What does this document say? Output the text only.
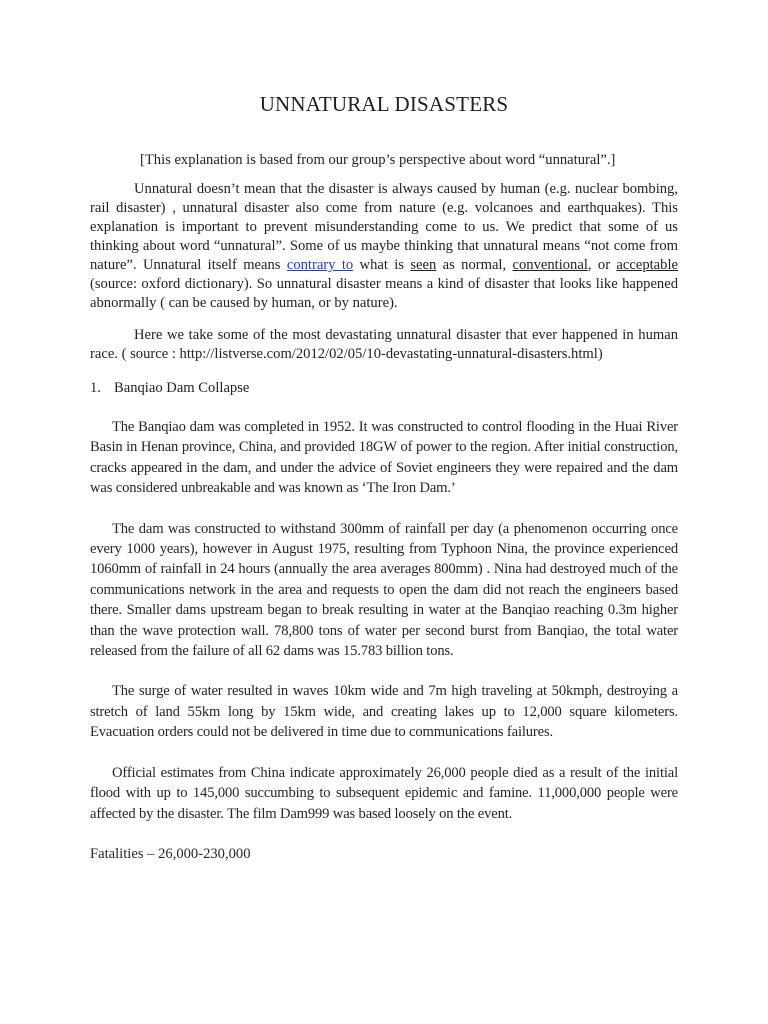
UNNATURAL DISASTERS

[This explanation is based from our group’s perspective about word “unnatural”.]

Unnatural doesn’t mean that the disaster is always caused by human (e.g. nuclear bombing, rail disaster) , unnatural disaster also come from nature (e.g. volcanoes and earthquakes). This explanation is important to prevent misunderstanding come to us. We predict that some of us thinking about word “unnatural”. Some of us maybe thinking that unnatural means “not come from nature”. Unnatural itself means contrary to what is seen as normal, conventional, or acceptable (source: oxford dictionary). So unnatural disaster means a kind of disaster that looks like happened abnormally ( can be caused by human, or by nature).

Here we take some of the most devastating unnatural disaster that ever happened in human race. ( source : http://listverse.com/2012/02/05/10-devastating-unnatural-disasters.html)

1. Banqiao Dam Collapse

The Banqiao dam was completed in 1952. It was constructed to control flooding in the Huai River Basin in Henan province, China, and provided 18GW of power to the region. After initial construction, cracks appeared in the dam, and under the advice of Soviet engineers they were repaired and the dam was considered unbreakable and was known as ‘The Iron Dam.’

The dam was constructed to withstand 300mm of rainfall per day (a phenomenon occurring once every 1000 years), however in August 1975, resulting from Typhoon Nina, the province experienced 1060mm of rainfall in 24 hours (annually the area averages 800mm) . Nina had destroyed much of the communications network in the area and requests to open the dam did not reach the engineers based there. Smaller dams upstream began to break resulting in water at the Banqiao reaching 0.3m higher than the wave protection wall. 78,800 tons of water per second burst from Banqiao, the total water released from the failure of all 62 dams was 15.783 billion tons.

The surge of water resulted in waves 10km wide and 7m high traveling at 50kmph, destroying a stretch of land 55km long by 15km wide, and creating lakes up to 12,000 square kilometers. Evacuation orders could not be delivered in time due to communications failures.

Official estimates from China indicate approximately 26,000 people died as a result of the initial flood with up to 145,000 succumbing to subsequent epidemic and famine. 11,000,000 people were affected by the disaster. The film Dam999 was based loosely on the event.

Fatalities – 26,000-230,000
